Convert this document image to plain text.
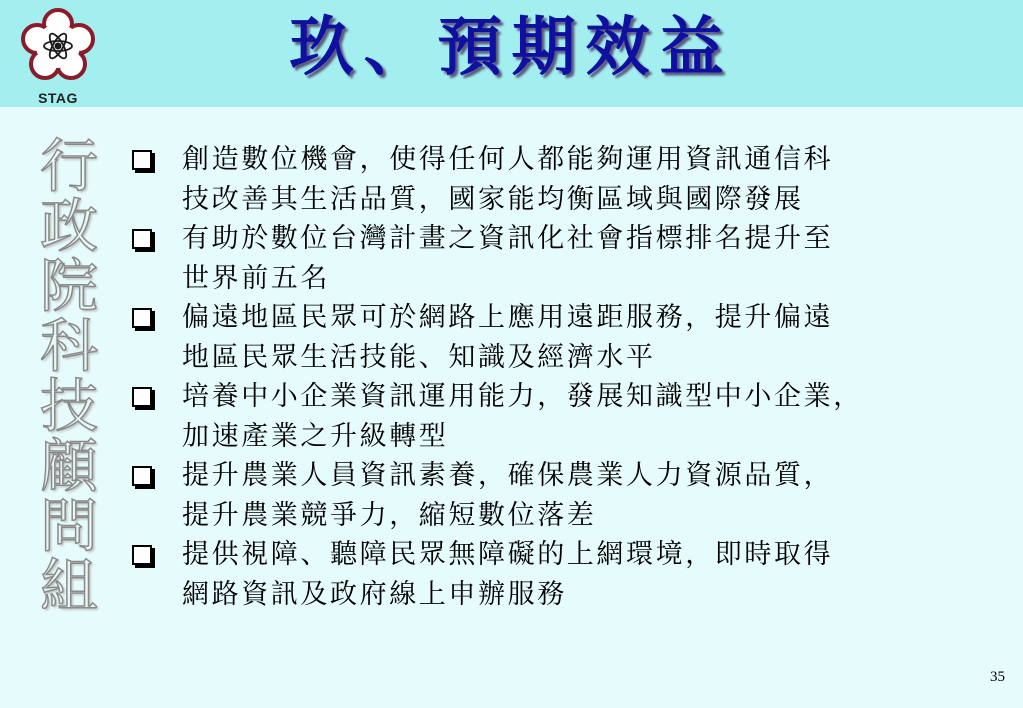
STAG
玖、預期效益
行
政
院
科
技
顧
問
組
創造數位機會，使得任何人都能夠運用資訊通信科
技改善其生活品質，國家能均衡區域與國際發展
有助於數位台灣計畫之資訊化社會指標排名提升至
世界前五名
偏遠地區民眾可於網路上應用遠距服務，提升偏遠
地區民眾生活技能、知識及經濟水平
培養中小企業資訊運用能力，發展知識型中小企業，
加速產業之升級轉型
提升農業人員資訊素養，確保農業人力資源品質，
提升農業競爭力，縮短數位落差
提供視障、聽障民眾無障礙的上網環境，即時取得
網路資訊及政府線上申辦服務
35
